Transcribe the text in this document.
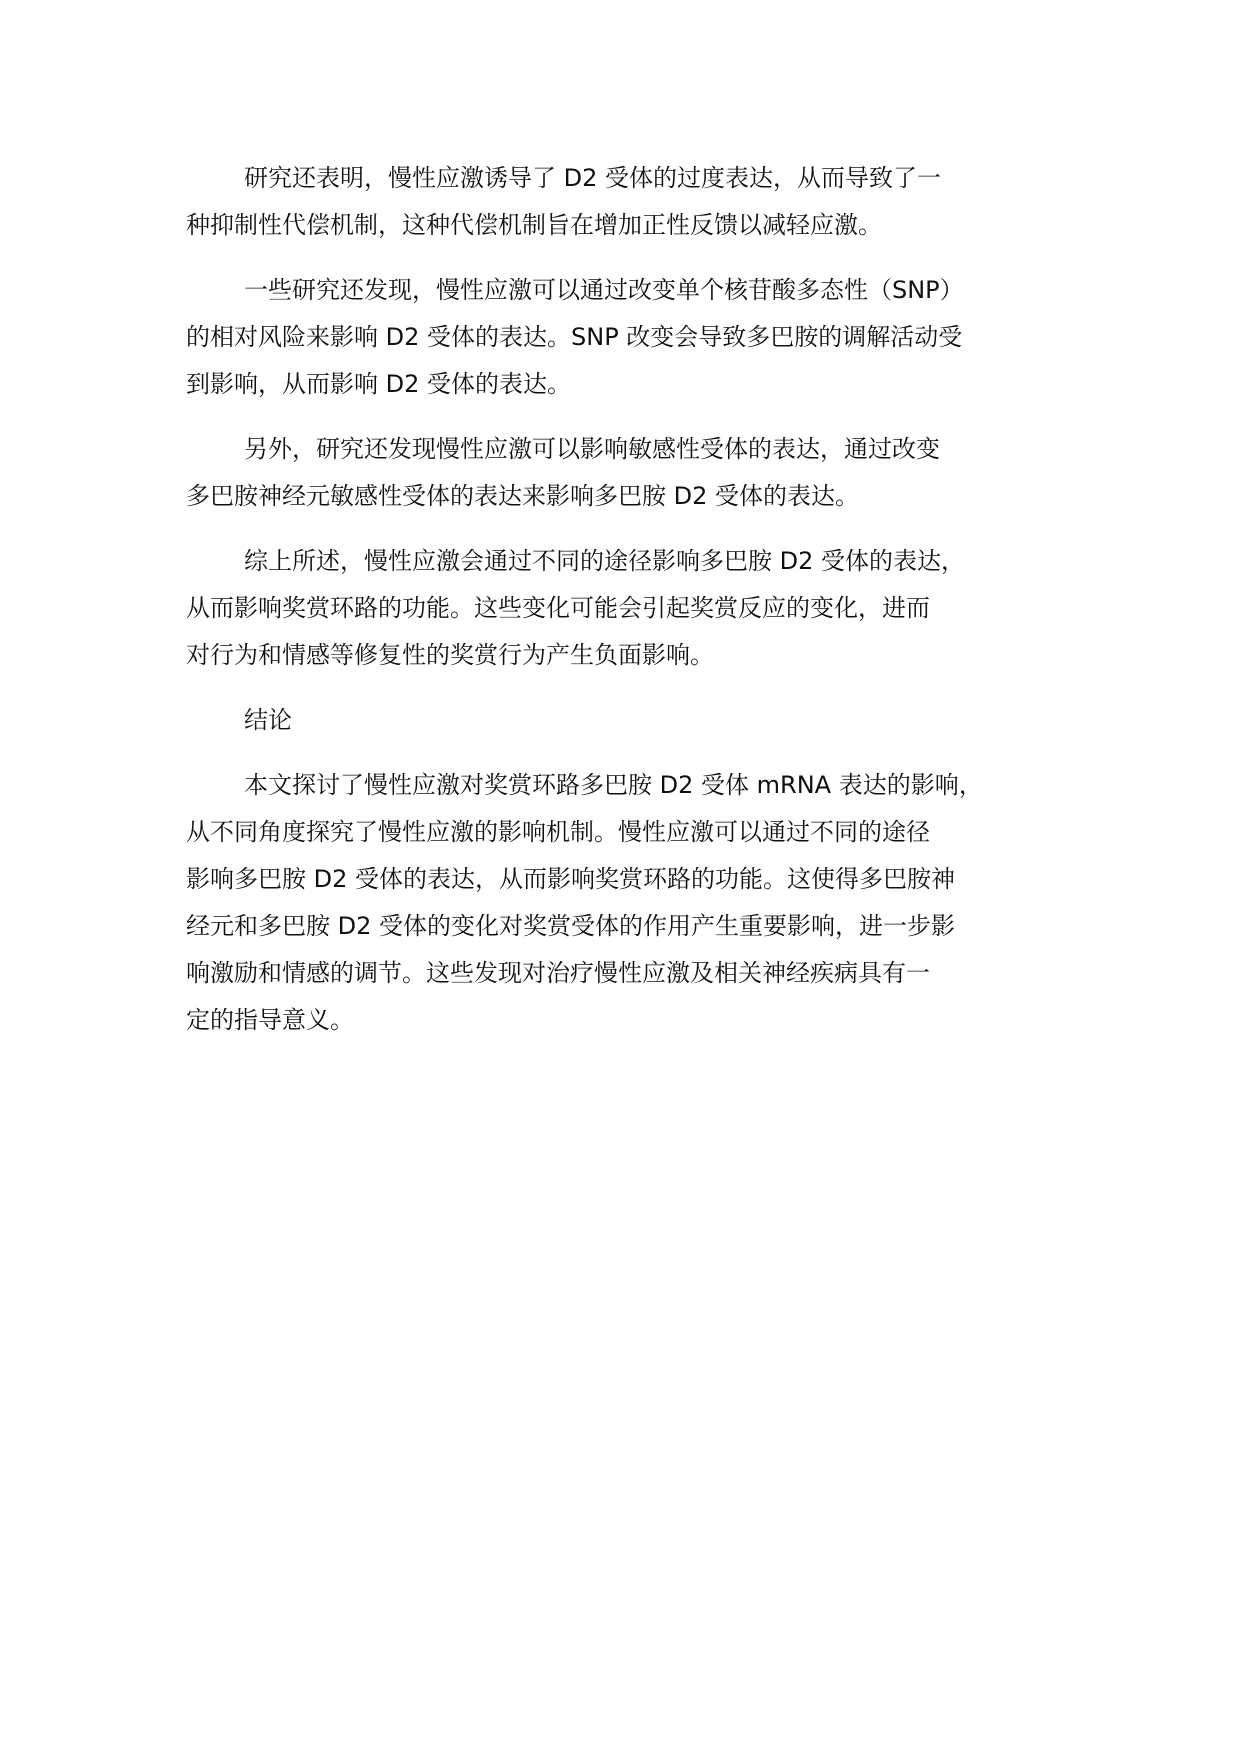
研究还表明，慢性应激诱导了 D2 受体的过度表达，从而导致了一
种抑制性代偿机制，这种代偿机制旨在增加正性反馈以减轻应激。
一些研究还发现，慢性应激可以通过改变单个核苷酸多态性（SNP）
的相对风险来影响 D2 受体的表达。SNP 改变会导致多巴胺的调解活动受
到影响，从而影响 D2 受体的表达。
另外，研究还发现慢性应激可以影响敏感性受体的表达，通过改变
多巴胺神经元敏感性受体的表达来影响多巴胺 D2 受体的表达。
综上所述，慢性应激会通过不同的途径影响多巴胺 D2 受体的表达，
从而影响奖赏环路的功能。这些变化可能会引起奖赏反应的变化，进而
对行为和情感等修复性的奖赏行为产生负面影响。
结论
本文探讨了慢性应激对奖赏环路多巴胺 D2 受体 mRNA 表达的影响，
从不同角度探究了慢性应激的影响机制。慢性应激可以通过不同的途径
影响多巴胺 D2 受体的表达，从而影响奖赏环路的功能。这使得多巴胺神
经元和多巴胺 D2 受体的变化对奖赏受体的作用产生重要影响，进一步影
响激励和情感的调节。这些发现对治疗慢性应激及相关神经疾病具有一
定的指导意义。
